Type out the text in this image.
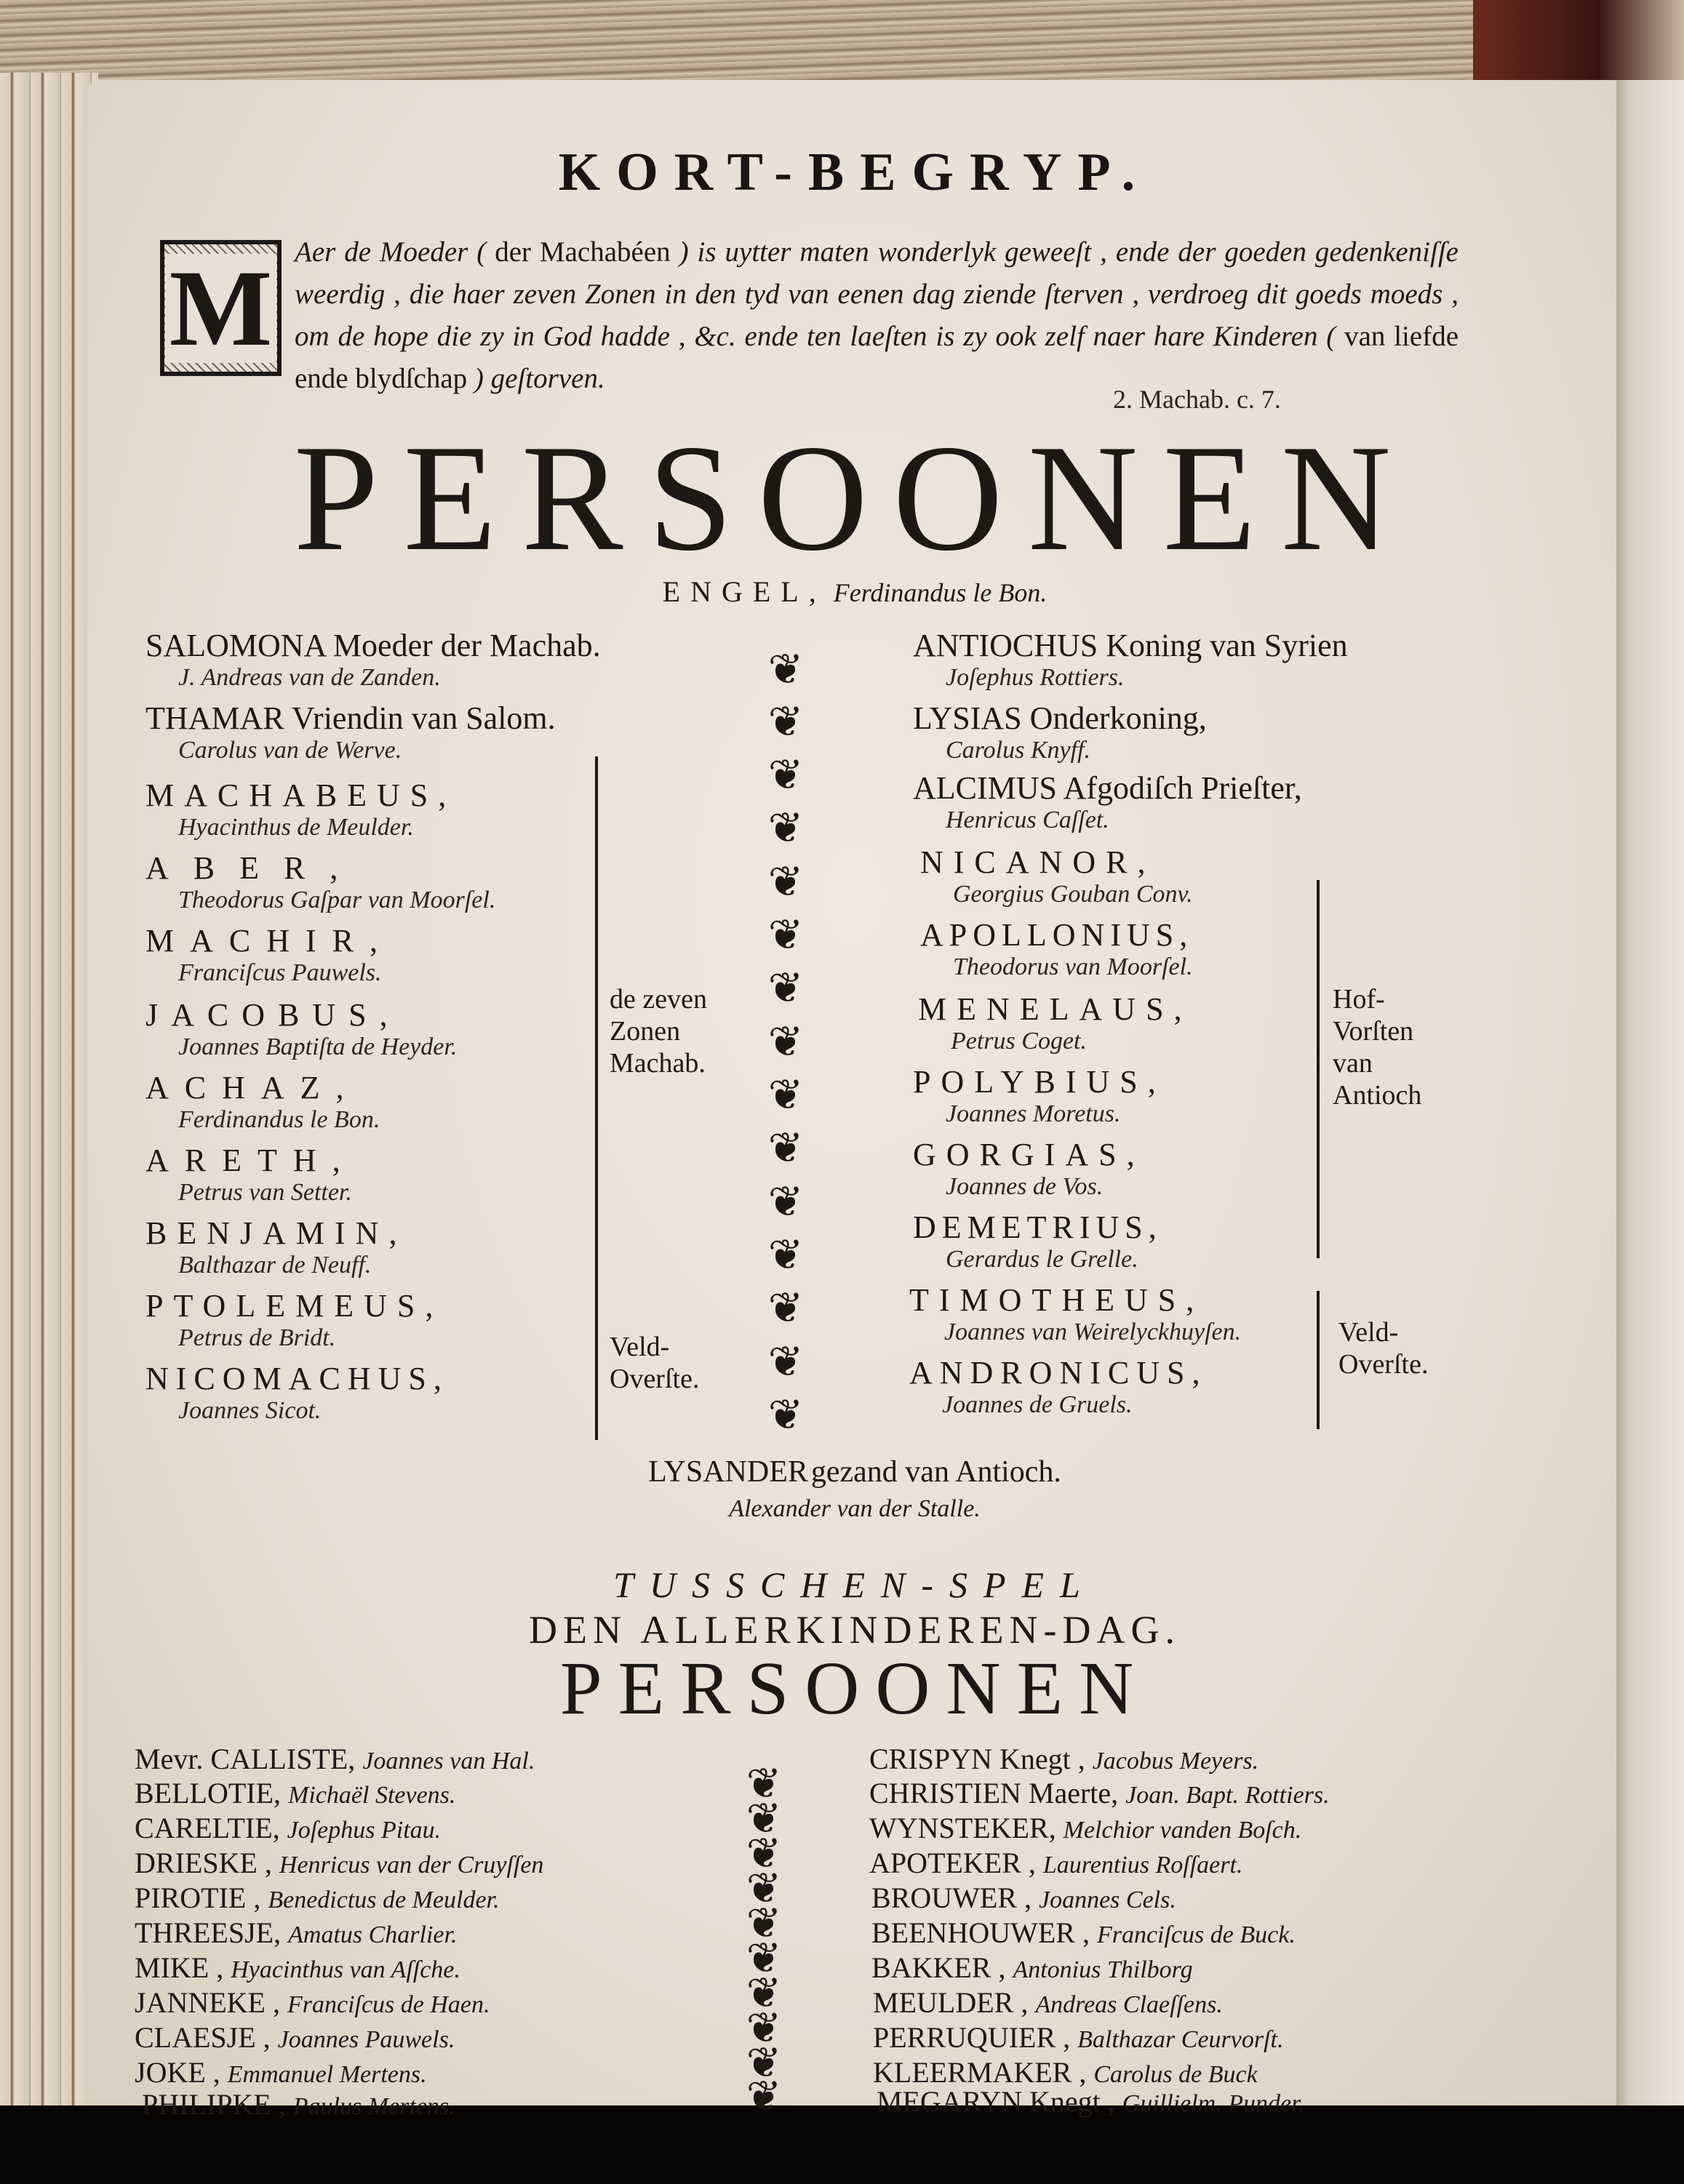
KORT-BEGRYP.
M Aer de Moeder ( der Machabéen ) is uytter maten wonderlyk geweeſt , ende der goeden gedenkeniſſe weerdig , die haer zeven Zonen in den tyd van eenen dag ziende ſterven , verdroeg dit goeds moeds , om de hope die zy in God hadde , &c. ende ten laeſten is zy ook zelf naer hare Kinderen ( van liefde ende blydſchap ) geſtorven.
2. Machab. c. 7.
PERSOONEN
ENGEL, Ferdinandus le Bon.
SALOMONA Moeder der Machab.
J. Andreas van de Zanden.
THAMAR Vriendin van Salom.
Carolus van de Werve.
MACHABEUS,
Hyacinthus de Meulder.
ABER,
Theodorus Gaſpar van Moorſel.
MACHIR,
Franciſcus Pauwels.
JACOBUS,
Joannes Baptiſta de Heyder.
ACHAZ,
Ferdinandus le Bon.
ARETH,
Petrus van Setter.
BENJAMIN,
Balthazar de Neuff.
PTOLEMEUS,
Petrus de Bridt.
NICOMACHUS,
Joannes Sicot.
de zeven
Zonen
Machab.
Veld-
Overſte.
❦
❦
❦
❦
❦
❦
❦
❦
❦
❦
❦
❦
❦
❦
❦
ANTIOCHUS Koning van Syrien
Joſephus Rottiers.
LYSIAS Onderkoning,
Carolus Knyff.
ALCIMUS Afgodiſch Prieſter,
Henricus Caſſet.
NICANOR,
Georgius Gouban Conv.
APOLLONIUS,
Theodorus van Moorſel.
MENELAUS,
Petrus Coget.
POLYBIUS,
Joannes Moretus.
GORGIAS,
Joannes de Vos.
DEMETRIUS,
Gerardus le Grelle.
TIMOTHEUS,
Joannes van Weirelyckhuyſen.
ANDRONICUS,
Joannes de Gruels.
Hof-
Vorſten
van
Antioch
Veld-
Overſte.
LYSANDER gezand van Antioch.
Alexander van der Stalle.
TUSSCHEN-SPEL
DEN ALLERKINDEREN-DAG.
PERSOONEN
Mevr. CALLISTE, Joannes van Hal.
BELLOTIE, Michaël Stevens.
CARELTIE, Joſephus Pitau.
DRIESKE , Henricus van der Cruyſſen
PIROTIE , Benedictus de Meulder.
THREESJE, Amatus Charlier.
MIKE , Hyacinthus van Aſſche.
JANNEKE , Franciſcus de Haen.
CLAESJE , Joannes Pauwels.
JOKE , Emmanuel Mertens.
PHILIPKE , Paulus Mertens.
❦
❦
❦
❦
❦
❦
❦
❦
❦
❦
CRISPYN Knegt , Jacobus Meyers.
CHRISTIEN Maerte, Joan. Bapt. Rottiers.
WYNSTEKER, Melchior vanden Boſch.
APOTEKER , Laurentius Roſſaert.
BROUWER , Joannes Cels.
BEENHOUWER , Franciſcus de Buck.
BAKKER , Antonius Thilborg
MEULDER , Andreas Claeſſens.
PERRUQUIER , Balthazar Ceurvorſt.
KLEERMAKER , Carolus de Buck
MEGARYN Knegt , Guillielm. Punder.
